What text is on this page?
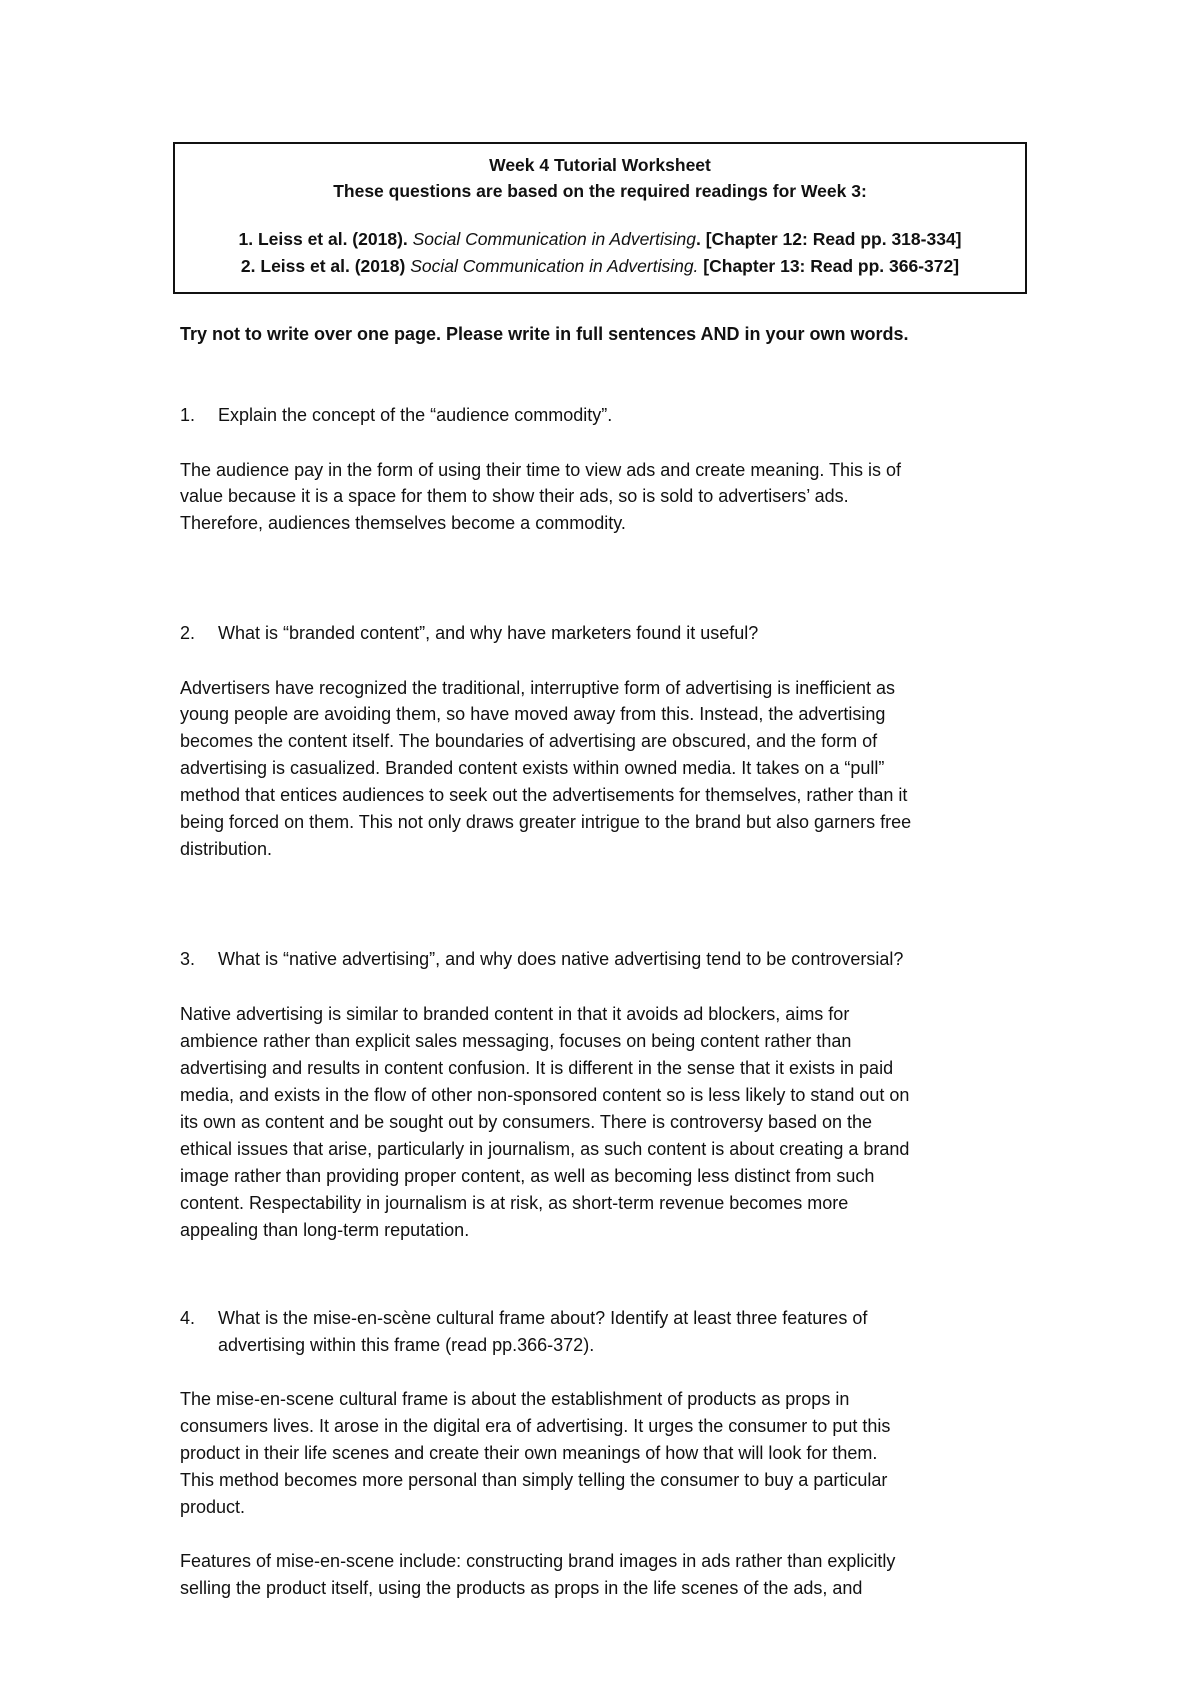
Week 4 Tutorial Worksheet
These questions are based on the required readings for Week 3:
1. Leiss et al. (2018). Social Communication in Advertising. [Chapter 12: Read pp. 318-334]
2. Leiss et al. (2018) Social Communication in Advertising. [Chapter 13: Read pp. 366-372]
Try not to write over one page. Please write in full sentences AND in your own words.
1. Explain the concept of the “audience commodity”.
The audience pay in the form of using their time to view ads and create meaning. This is of
value because it is a space for them to show their ads, so is sold to advertisers’ ads.
Therefore, audiences themselves become a commodity.
2. What is “branded content”, and why have marketers found it useful?
Advertisers have recognized the traditional, interruptive form of advertising is inefficient as
young people are avoiding them, so have moved away from this. Instead, the advertising
becomes the content itself. The boundaries of advertising are obscured, and the form of
advertising is casualized. Branded content exists within owned media. It takes on a “pull”
method that entices audiences to seek out the advertisements for themselves, rather than it
being forced on them. This not only draws greater intrigue to the brand but also garners free
distribution.
3. What is “native advertising”, and why does native advertising tend to be controversial?
Native advertising is similar to branded content in that it avoids ad blockers, aims for
ambience rather than explicit sales messaging, focuses on being content rather than
advertising and results in content confusion. It is different in the sense that it exists in paid
media, and exists in the flow of other non-sponsored content so is less likely to stand out on
its own as content and be sought out by consumers. There is controversy based on the
ethical issues that arise, particularly in journalism, as such content is about creating a brand
image rather than providing proper content, as well as becoming less distinct from such
content. Respectability in journalism is at risk, as short-term revenue becomes more
appealing than long-term reputation.
4. What is the mise-en-scène cultural frame about? Identify at least three features of
advertising within this frame (read pp.366-372).
The mise-en-scene cultural frame is about the establishment of products as props in
consumers lives. It arose in the digital era of advertising. It urges the consumer to put this
product in their life scenes and create their own meanings of how that will look for them.
This method becomes more personal than simply telling the consumer to buy a particular
product.
Features of mise-en-scene include: constructing brand images in ads rather than explicitly
selling the product itself, using the products as props in the life scenes of the ads, and
